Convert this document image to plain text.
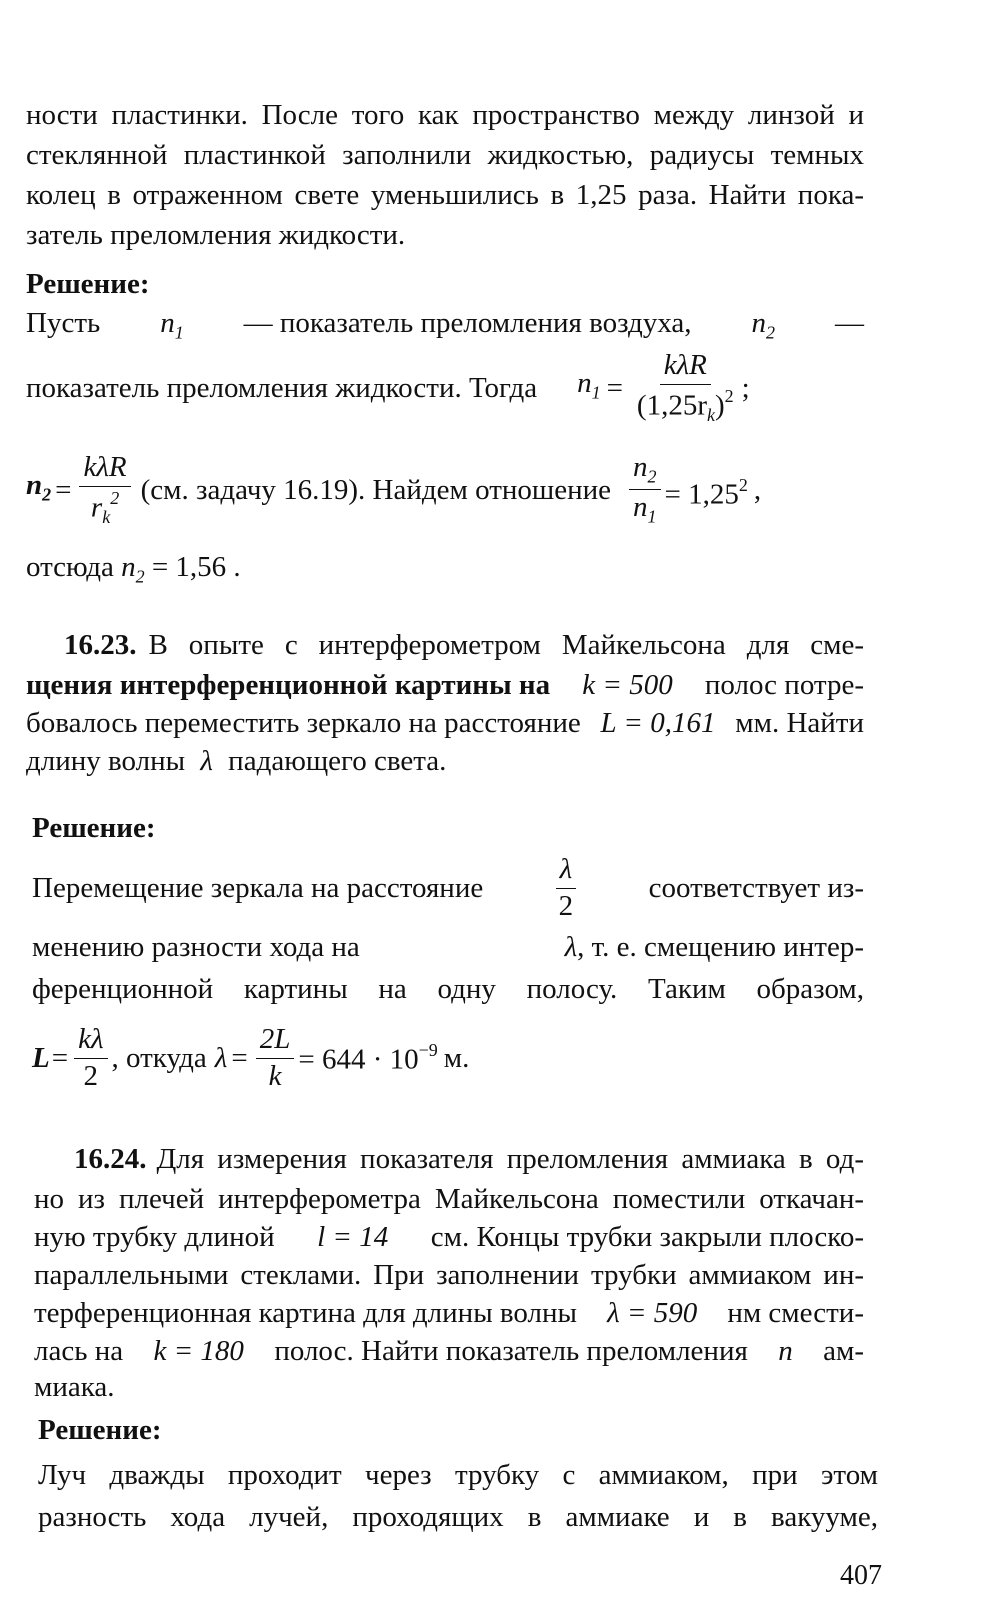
ности пластинки. После того как пространство между линзой и
стеклянной пластинкой заполнили жидкостью, радиусы темных
колец в отраженном свете уменьшились в 1,25 раза. Найти пока-
затель преломления жидкости.
Решение:
Пусть $n_1$ — показатель преломления воздуха, $n_2$ —
показатель преломления жидкости. Тогда $n_1 = \frac{\text{kλR}}{(1,25r_k)^2}$ ;
$n_2 = \frac{\text{kλR}}{r_k^2} (см$. задачу 16.19). Найдем отношение $\frac{n_2}{n_1} = 1,25^2$ ,
отсюда $n_2 = 1,56$ .
16.23. В опыте с интерферометром Майкельсона для сме-
щения интерференционной картины на k = 500 полос потре-
бовалось переместить зеркало на расстояние L = 0,161 мм. Найти
длину волны λ падающего света.
Решение:
Перемещение зеркала на расстояние $\frac{\lambda}{2}$ соответствует из-
менению разности хода на	λ, т. е. смещению интер-
ференционной картины на одну полосу. Таким образом,
$L = \frac{k\lambda}{2}$ , откуда $\lambda = \frac{2L}{k} = 644 \cdot 10^{-9}$ м.
16.24. Для измерения показателя преломления аммиака в од-
но из плечей интерферометра Майкельсона поместили откачан-
ную трубку длиной l = 14 см. Концы трубки закрыли плоско-
параллельными стеклами. При заполнении трубки аммиаком ин-
терференционная картина для длины волны λ = 590 нм смести-
лась на k = 180 полос. Найти показатель преломления n ам-
миака.
Решение:
Луч дважды проходит через трубку с аммиаком, при этом
разность хода лучей, проходящих в аммиаке и в вакууме,
407
